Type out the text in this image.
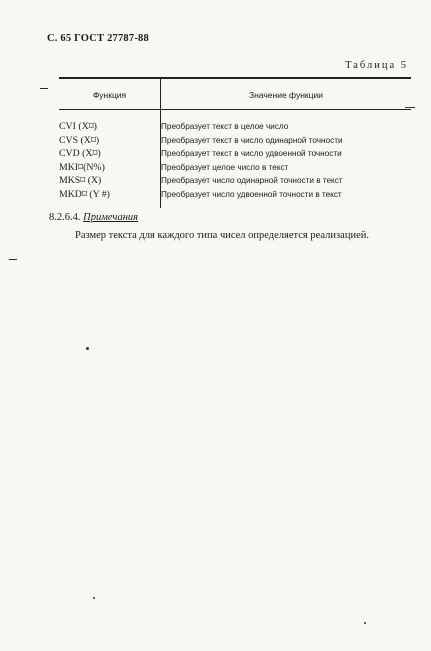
С. 65 ГОСТ 27787-88
Таблица 5
Функция	Значение функции
CVI (X⌑)	Преобразует текст в целое число
CVS (X⌑)	Преобразует текст в число одинарной точности
CVD (X⌑)	Преобразует текст в число удвоенной точности
MKI⌑(N%)	Преобразует целое число в текст
MKS⌑ (X)	Преобразует число одинарной точности в текст
MKD⌑ (Y #)	Преобразует число удвоенной точности в текст
8.2.6.4. Примечания
Размер текста для каждого типа чисел определяется реализацией.
